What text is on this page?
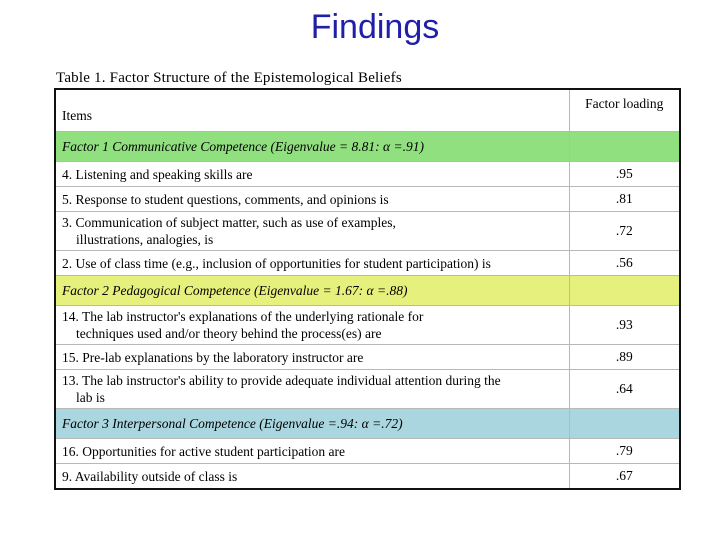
Findings
Table 1. Factor Structure of the Epistemological Beliefs
Items	Factor loading
Factor 1 Communicative Competence (Eigenvalue = 8.81: α =.91)	
4. Listening and speaking skills are	.95
5. Response to student questions, comments, and opinions is	.81
3. Communication of subject matter, such as use of examples,
illustrations, analogies, is	.72
2. Use of class time (e.g., inclusion of opportunities for student participation) is	.56
Factor 2 Pedagogical Competence (Eigenvalue = 1.67: α =.88)	
14. The lab instructor's explanations of the underlying rationale for
techniques used and/or theory behind the process(es) are	.93
15. Pre-lab explanations by the laboratory instructor are	.89
13. The lab instructor's ability to provide adequate individual attention during the
lab is	.64
Factor 3 Interpersonal Competence (Eigenvalue =.94: α =.72)	
16. Opportunities for active student participation are	.79
9. Availability outside of class is	.67
